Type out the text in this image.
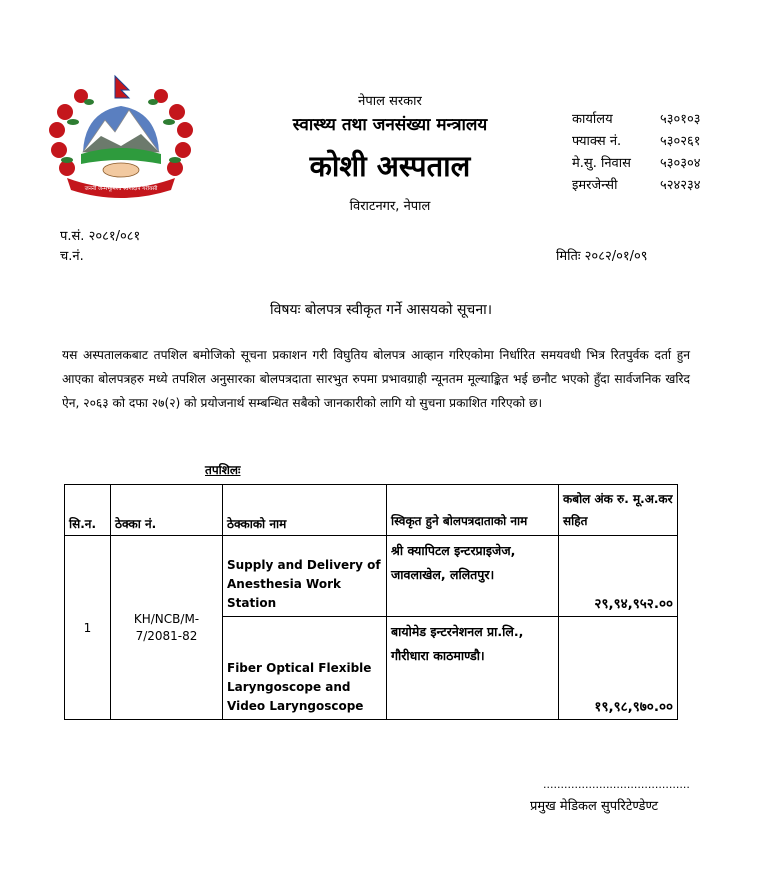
जननी जन्मभूमिश्च स्वर्गादपि गरीयसी
नेपाल सरकार
स्वास्थ्य तथा जनसंख्या मन्त्रालय
कोशी अस्पताल
विराटनगर, नेपाल
कार्यालय	५३०१०३
फ्याक्स नं.	५३०२६१
मे.सु. निवास	५३०३०४
इमरजेन्सी	५२४२३४
प.सं. २०८१/०८१
च.नं.	मितिः २०८२/०१/०९
विषयः बोलपत्र स्वीकृत गर्ने आसयको सूचना।
यस अस्पतालकबाट तपशिल बमोजिको सूचना प्रकाशन गरी विघुतिय बोलपत्र आव्हान गरिएकोमा निर्धारित समयवधी भित्र रितपुर्वक दर्ता हुन आएका बोलपत्रहरु मध्ये तपशिल अनुसारका बोलपत्रदाता सारभुत रुपमा प्रभावग्राही न्यूनतम मूल्याङ्कित भई छनौट भएको हुँदा सार्वजनिक खरिद ऐन, २०६३ को दफा २७(२) को प्रयोजनार्थ सम्बन्धित सबैको जानकारीको लागि यो सुचना प्रकाशित गरिएको छ।
तपशिलः
सि.न.	ठेक्का नं.	ठेक्काको नाम	स्विकृत हुने बोलपत्रदाताको नाम	कबोल अंक रु. मू.अ.कर सहित
1	KH/NCB/M-7/2081-82	Supply and Delivery of Anesthesia Work Station	श्री क्यापिटल इन्टरप्राइजेज, जावलाखेल, ललितपुर।	२९,९४,९५२.००
		Fiber Optical Flexible Laryngoscope and Video Laryngoscope	बायोमेड इन्टरनेशनल प्रा.लि., गौरीधारा काठमाण्डौ।	१९,९८,९७०.००
..........................................
प्रमुख मेडिकल सुपरिटेण्डेण्ट
